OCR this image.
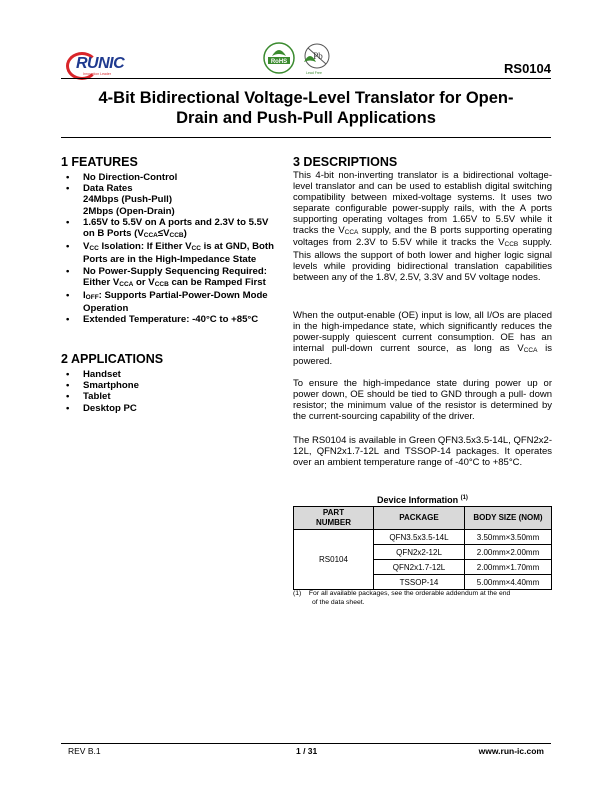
RUNIC
Innovation Leader
RoHS
Pb
Lead Free	RS0104
4-Bit Bidirectional Voltage-Level Translator for Open-
Drain and Push-Pull Applications
1 FEATURES
• No Direction-Control
• Data Rates
24Mbps (Push-Pull)
2Mbps (Open-Drain)
• 1.65V to 5.5V on A ports and 2.3V to 5.5V
on B Ports $(V_{CCA}\le V_{CCB})$
• $V_{CC}$ Isolation: If Either $V_{CC}$ is at GND, Both
Ports are in the High-Impedance State
• No Power-Supply Sequencing Required:
Either $V_{CCA}$ or $V_{CCB}$ can be Ramped First
• $I_{OFF}$: Supports Partial-Power-Down Mode
Operation
• Extended Temperature: -40°C to +85°C
2 APPLICATIONS
• Handset
• Smartphone
• Tablet
• Desktop PC
3 DESCRIPTIONS

This 4-bit non-inverting translator is a bidirectional voltage-level translator and can be used to establish digital switching compatibility between mixed-voltage systems. It uses two separate configurable power-supply rails, with the A ports supporting operating voltages from 1.65V to 5.5V while it tracks the $V_{CCA}$ supply, and the B ports supporting operating voltages from 2.3V to 5.5V while it tracks the $V_{CCB}$ supply. This allows the support of both lower and higher logic signal levels while providing bidirectional translation capabilities between any of the 1.8V, 2.5V, 3.3V and 5V voltage nodes.

When the output-enable (OE) input is low, all I/Os are placed in the high-impedance state, which significantly reduces the power-supply quiescent current consumption. OE has an internal pull-down current source, as long as $V_{CCA}$ is powered.

To ensure the high-impedance state during power up or power down, OE should be tied to GND through a pull- down resistor; the minimum value of the resistor is determined by the current-sourcing capability of the driver.

The RS0104 is available in Green QFN3.5x3.5-14L, QFN2x2-12L, QFN2x1.7-12L and TSSOP-14 packages. It operates over an ambient temperature range of -40°C to +85°C.

Device Information $^{(1)}$
PART NUMBER	PACKAGE	BODY SIZE (NOM)
RS0104	QFN3.5x3.5-14L	3.50mm×3.50mm
	QFN2x2-12L	2.00mm×2.00mm
	QFN2x1.7-12L	2.00mm×1.70mm
	TSSOP-14	5.00mm×4.40mm
(1) For all available packages, see the orderable addendum at the end
of the data sheet.
REV B.1	1 / 31	www.run-ic.com
